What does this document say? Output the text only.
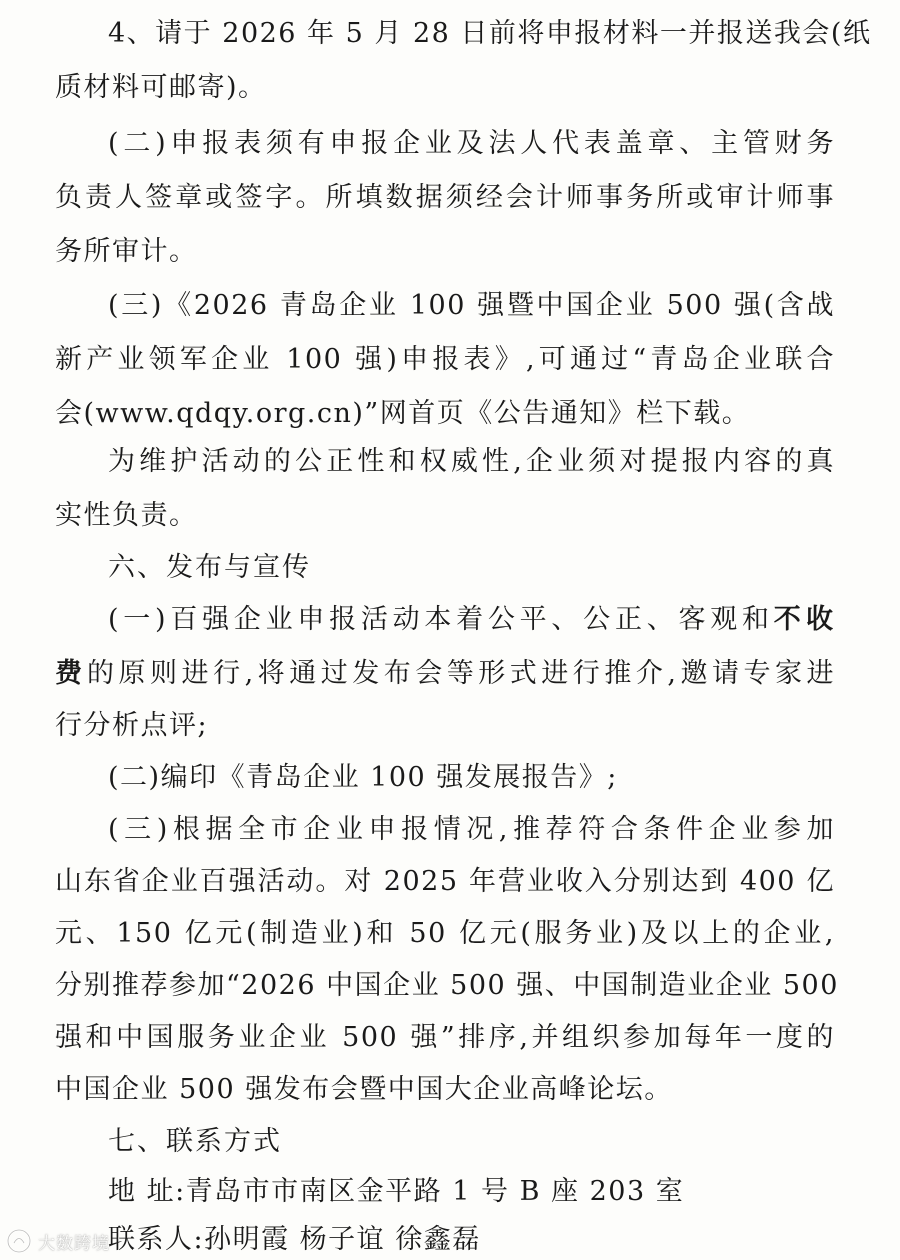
4、请于 2026 年 5 月 28 日前将申报材料一并报送我会(纸
质材料可邮寄)。
(二)申报表须有申报企业及法人代表盖章、主管财务
负责人签章或签字。所填数据须经会计师事务所或审计师事
务所审计。
(三)《2026 青岛企业 100 强暨中国企业 500 强(含战
新产业领军企业 100 强)申报表》,可通过“青岛企业联合
会(www.qdqy.org.cn)”网首页《公告通知》栏下载。
为维护活动的公正性和权威性,企业须对提报内容的真
实性负责。
六、发布与宣传
(一)百强企业申报活动本着公平、公正、客观和不收
费的原则进行,将通过发布会等形式进行推介,邀请专家进
行分析点评;
(二)编印《青岛企业 100 强发展报告》;
(三)根据全市企业申报情况,推荐符合条件企业参加
山东省企业百强活动。对 2025 年营业收入分别达到 400 亿
元、150 亿元(制造业)和 50 亿元(服务业)及以上的企业,
分别推荐参加“2026 中国企业 500 强、中国制造业企业 500
强和中国服务业企业 500 强”排序,并组织参加每年一度的
中国企业 500 强发布会暨中国大企业高峰论坛。
七、联系方式
地 址:青岛市市南区金平路 1 号 B 座 203 室
联系人:孙明霞 杨子谊 徐鑫磊
大数跨境
